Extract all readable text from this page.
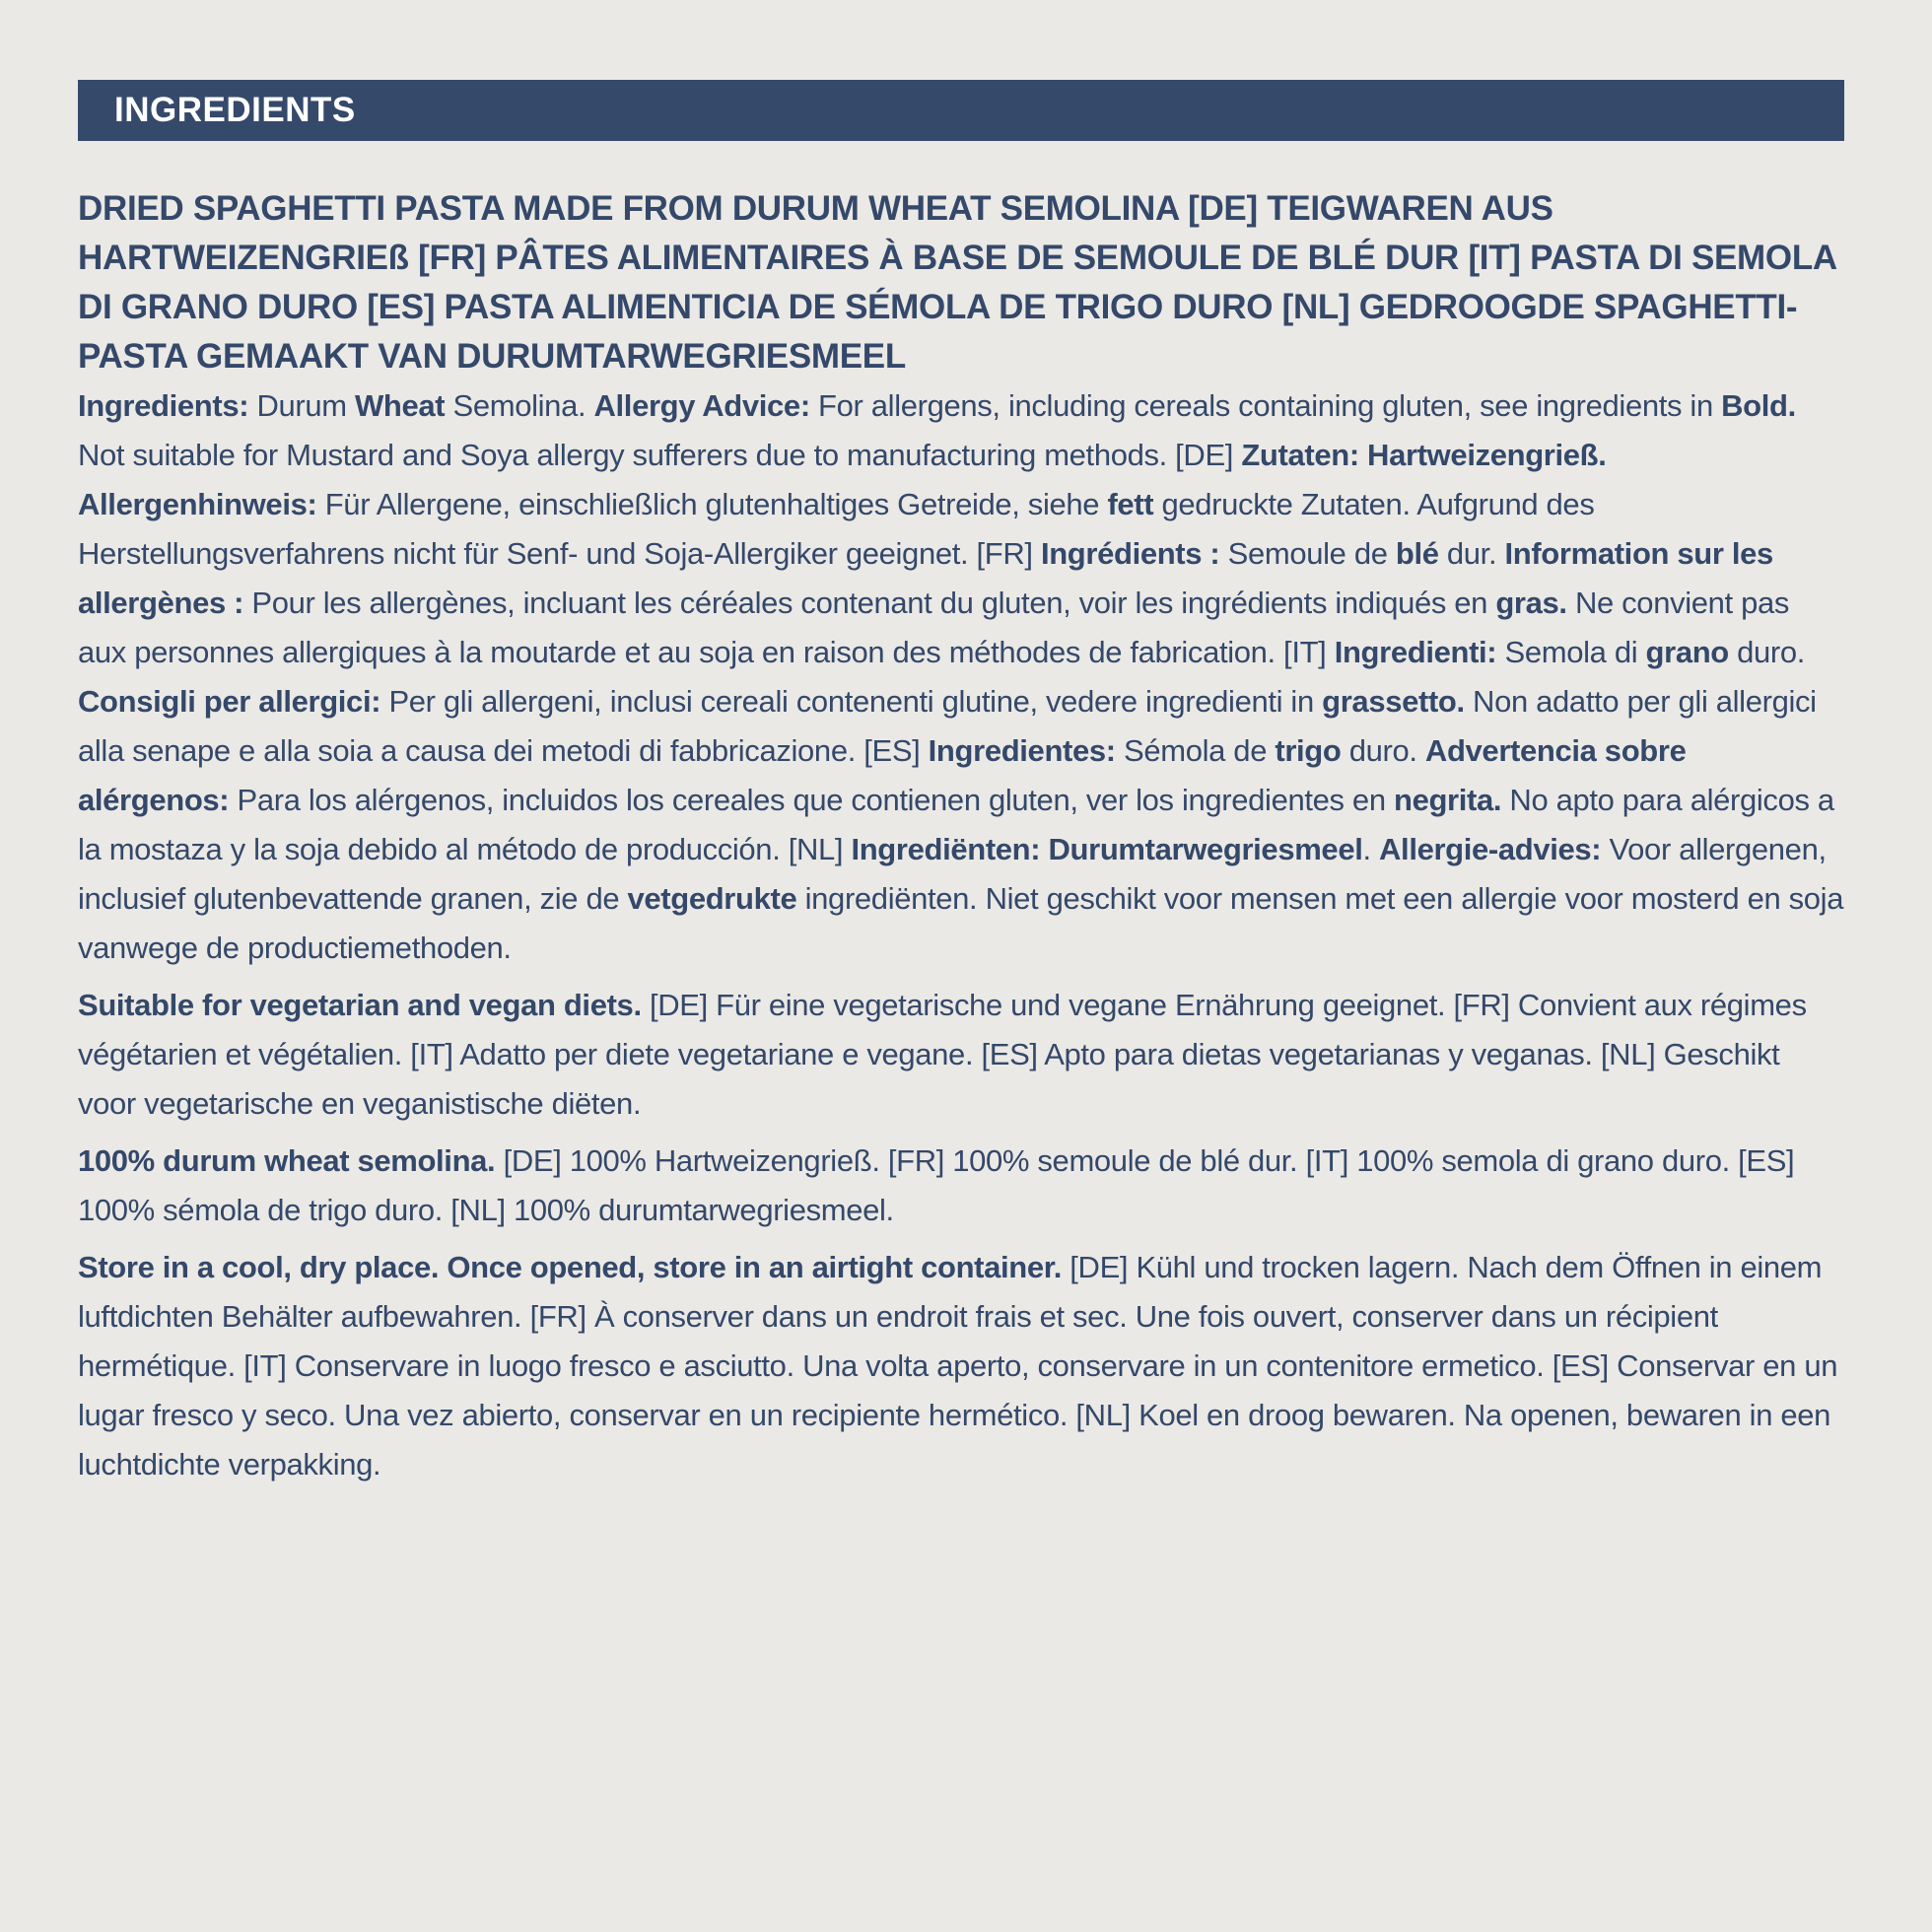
INGREDIENTS
DRIED SPAGHETTI PASTA MADE FROM DURUM WHEAT SEMOLINA [DE] TEIGWAREN AUS HARTWEIZENGRIEß [FR] PÂTES ALIMENTAIRES À BASE DE SEMOULE DE BLÉ DUR [IT] PASTA DI SEMOLA DI GRANO DURO [ES] PASTA ALIMENTICIA DE SÉMOLA DE TRIGO DURO [NL] GEDROOGDE SPAGHETTI-PASTA GEMAAKT VAN DURUMTARWEGRIESMEEL

Ingredients: Durum Wheat Semolina. Allergy Advice: For allergens, including cereals containing gluten, see ingredients in Bold. Not suitable for Mustard and Soya allergy sufferers due to manufacturing methods. [DE] Zutaten: Hartweizengrieß. Allergenhinweis: Für Allergene, einschließlich glutenhaltiges Getreide, siehe fett gedruckte Zutaten. Aufgrund des Herstellungsverfahrens nicht für Senf- und Soja-Allergiker geeignet. [FR] Ingrédients : Semoule de blé dur. Information sur les allergènes : Pour les allergènes, incluant les céréales contenant du gluten, voir les ingrédients indiqués en gras. Ne convient pas aux personnes allergiques à la moutarde et au soja en raison des méthodes de fabrication. [IT] Ingredienti: Semola di grano duro. Consigli per allergici: Per gli allergeni, inclusi cereali contenenti glutine, vedere ingredienti in grassetto. Non adatto per gli allergici alla senape e alla soia a causa dei metodi di fabbricazione. [ES] Ingredientes: Sémola de trigo duro. Advertencia sobre alérgenos: Para los alérgenos, incluidos los cereales que contienen gluten, ver los ingredientes en negrita. No apto para alérgicos a la mostaza y la soja debido al método de producción. [NL] Ingrediënten: Durumtarwegriesmeel. Allergie-advies: Voor allergenen, inclusief glutenbevattende granen, zie de vetgedrukte ingrediënten. Niet geschikt voor mensen met een allergie voor mosterd en soja vanwege de productiemethoden.

Suitable for vegetarian and vegan diets. [DE] Für eine vegetarische und vegane Ernährung geeignet. [FR] Convient aux régimes végétarien et végétalien. [IT] Adatto per diete vegetariane e vegane. [ES] Apto para dietas vegetarianas y veganas. [NL] Geschikt voor vegetarische en veganistische diëten.

100% durum wheat semolina. [DE] 100% Hartweizengrieß. [FR] 100% semoule de blé dur. [IT] 100% semola di grano duro. [ES] 100% sémola de trigo duro. [NL] 100% durumtarwegriesmeel.

Store in a cool, dry place. Once opened, store in an airtight container. [DE] Kühl und trocken lagern. Nach dem Öffnen in einem luftdichten Behälter aufbewahren. [FR] À conserver dans un endroit frais et sec. Une fois ouvert, conserver dans un récipient hermétique. [IT] Conservare in luogo fresco e asciutto. Una volta aperto, conservare in un contenitore ermetico. [ES] Conservar en un lugar fresco y seco. Una vez abierto, conservar en un recipiente hermético. [NL] Koel en droog bewaren. Na openen, bewaren in een luchtdichte verpakking.
